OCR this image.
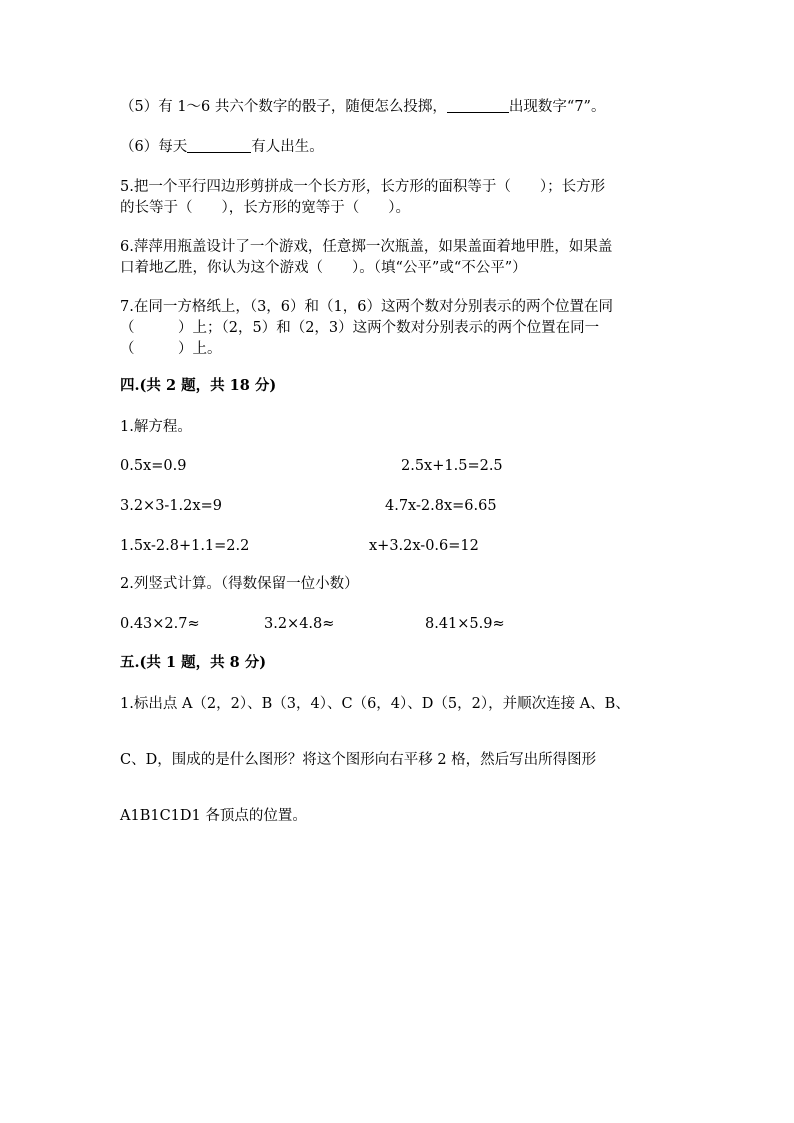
（5）有 1～6 共六个数字的骰子，随便怎么投掷，	出现数字“7”。
（6）每天	有人出生。
5.把一个平行四边形剪拼成一个长方形，长方形的面积等于（　　）；长方形
的长等于（　　），长方形的宽等于（　　）。
6.萍萍用瓶盖设计了一个游戏，任意掷一次瓶盖，如果盖面着地甲胜，如果盖
口着地乙胜，你认为这个游戏（　　）。（填“公平”或“不公平”）
7.在同一方格纸上，（3，6）和（1，6）这两个数对分别表示的两个位置在同
（　　　）上；（2，5）和（2，3）这两个数对分别表示的两个位置在同一
（　　　）上。
四.(共 2 题，共 18 分)
1.解方程。
0.5x=0.9	2.5x+1.5=2.5
3.2×3-1.2x=9	4.7x-2.8x=6.65
1.5x-2.8+1.1=2.2	x+3.2x-0.6=12
2.列竖式计算。（得数保留一位小数）
0.43×2.7≈	3.2×4.8≈	8.41×5.9≈
五.(共 1 题，共 8 分)
1.标出点 A（2，2）、B（3，4）、C（6，4）、D（5，2），并顺次连接 A、B、
C、D，围成的是什么图形？将这个图形向右平移 2 格，然后写出所得图形
A1B1C1D1 各顶点的位置。
